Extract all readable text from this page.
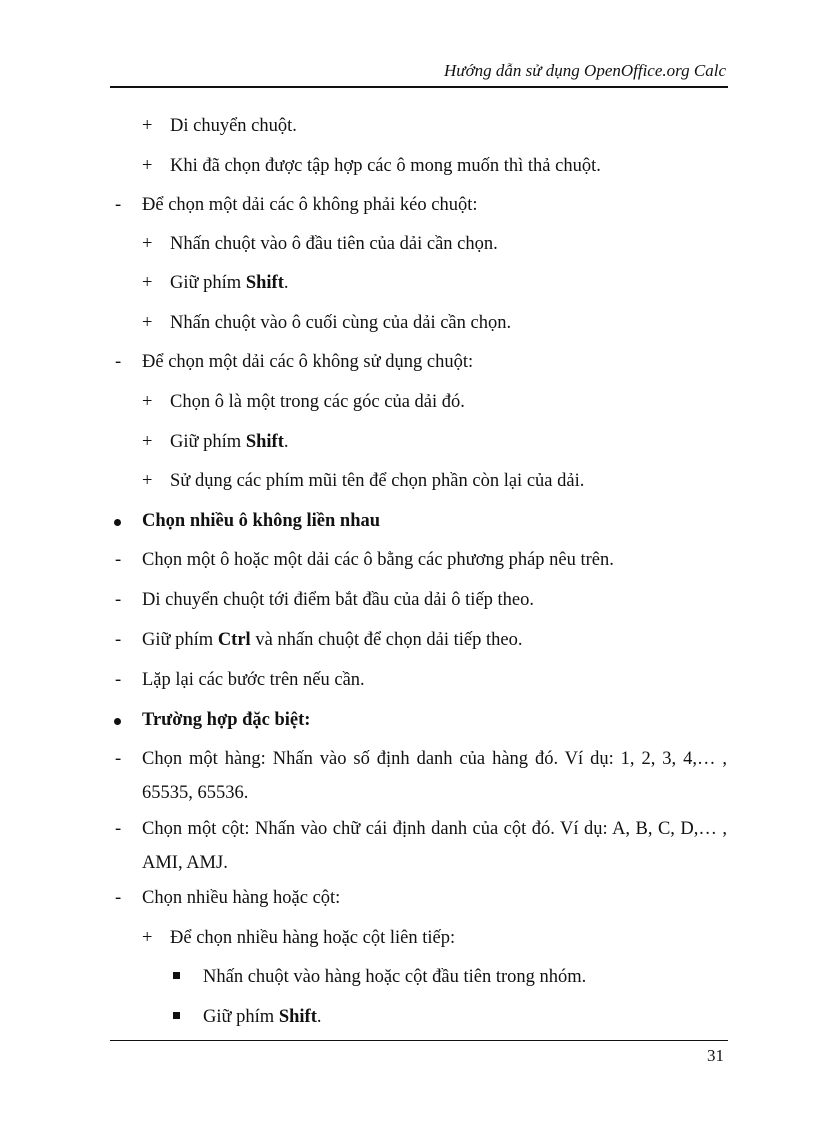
Hướng dẫn sử dụng OpenOffice.org Calc

+ Di chuyển chuột.
+ Khi đã chọn được tập hợp các ô mong muốn thì thả chuột.
- Để chọn một dải các ô không phải kéo chuột:
+ Nhấn chuột vào ô đầu tiên của dải cần chọn.
+ Giữ phím Shift.
+ Nhấn chuột vào ô cuối cùng của dải cần chọn.
- Để chọn một dải các ô không sử dụng chuột:
+ Chọn ô là một trong các góc của dải đó.
+ Giữ phím Shift.
+ Sử dụng các phím mũi tên để chọn phần còn lại của dải.
Chọn nhiều ô không liền nhau
- Chọn một ô hoặc một dải các ô bằng các phương pháp nêu trên.
- Di chuyển chuột tới điểm bắt đầu của dải ô tiếp theo.
- Giữ phím Ctrl và nhấn chuột để chọn dải tiếp theo.
- Lặp lại các bước trên nếu cần.
Trường hợp đặc biệt:
- Chọn một hàng: Nhấn vào số định danh của hàng đó. Ví dụ: 1, 2, 3, 4,… , 65535, 65536.
- Chọn một cột: Nhấn vào chữ cái định danh của cột đó. Ví dụ: A, B, C, D,… , AMI, AMJ.
- Chọn nhiều hàng hoặc cột:
+ Để chọn nhiều hàng hoặc cột liên tiếp:
Nhấn chuột vào hàng hoặc cột đầu tiên trong nhóm.
Giữ phím Shift.

31
